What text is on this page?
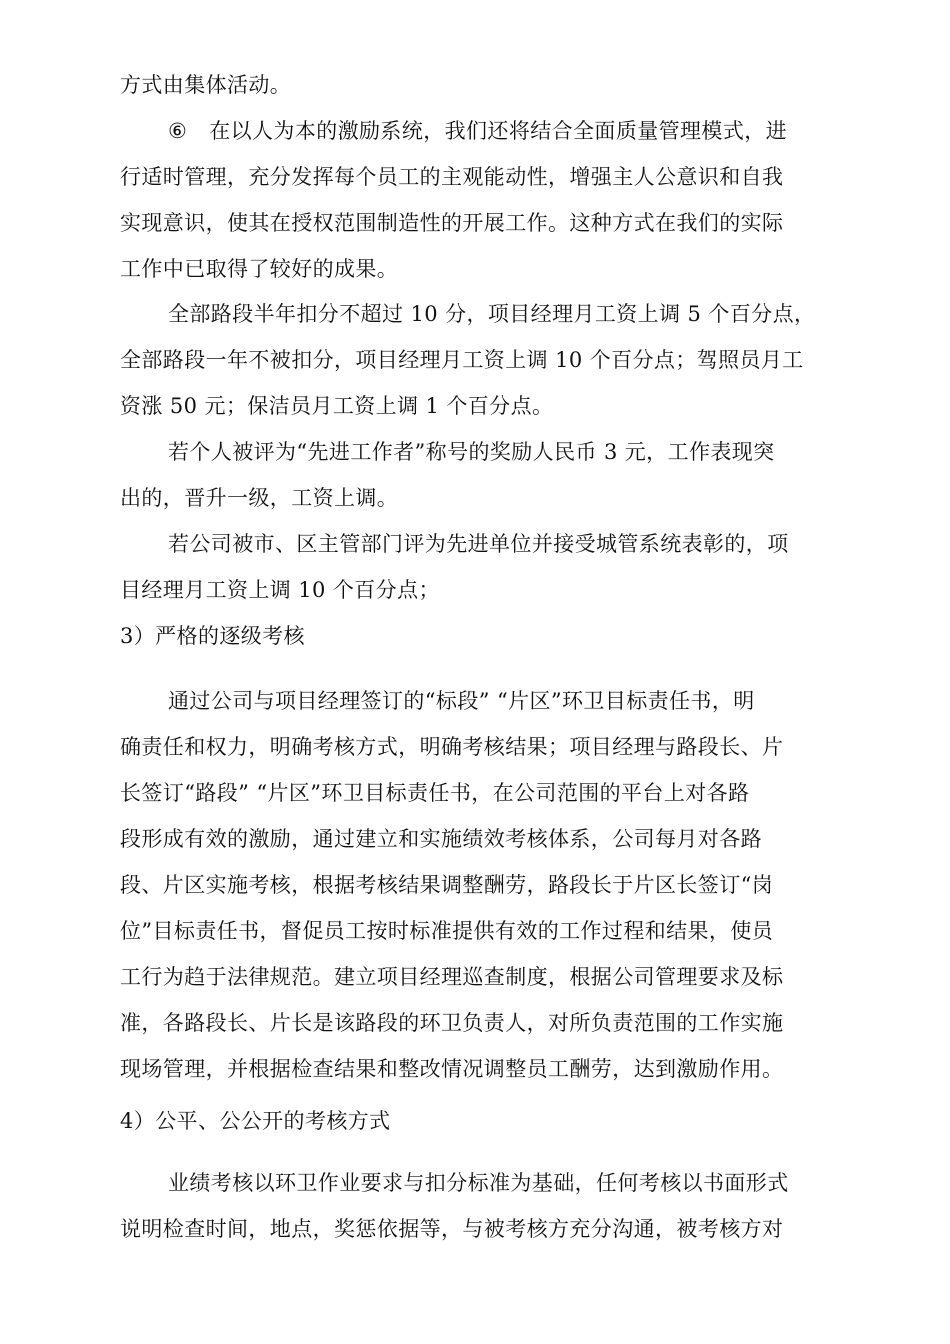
方式由集体活动。
⑥ 在以人为本的激励系统，我们还将结合全面质量管理模式，进
行适时管理，充分发挥每个员工的主观能动性，增强主人公意识和自我
实现意识，使其在授权范围制造性的开展工作。这种方式在我们的实际
工作中已取得了较好的成果。
全部路段半年扣分不超过 10 分，项目经理月工资上调 5 个百分点，
全部路段一年不被扣分，项目经理月工资上调 10 个百分点；驾照员月工
资涨 50 元；保洁员月工资上调 1 个百分点。
若个人被评为“先进工作者”称号的奖励人民币 3 元，工作表现突
出的，晋升一级，工资上调。
若公司被市、区主管部门评为先进单位并接受城管系统表彰的，项
目经理月工资上调 10 个百分点；
3）严格的逐级考核
通过公司与项目经理签订的“标段” “片区”环卫目标责任书，明
确责任和权力，明确考核方式，明确考核结果；项目经理与路段长、片
长签订“路段” “片区”环卫目标责任书，在公司范围的平台上对各路
段形成有效的激励，通过建立和实施绩效考核体系，公司每月对各路
段、片区实施考核，根据考核结果调整酬劳，路段长于片区长签订“岗
位”目标责任书，督促员工按时标准提供有效的工作过程和结果，使员
工行为趋于法律规范。建立项目经理巡查制度，根据公司管理要求及标
准，各路段长、片长是该路段的环卫负责人，对所负责范围的工作实施
现场管理，并根据检查结果和整改情况调整员工酬劳，达到激励作用。
4）公平、公公开的考核方式
业绩考核以环卫作业要求与扣分标准为基础，任何考核以书面形式
说明检查时间，地点，奖惩依据等，与被考核方充分沟通，被考核方对
